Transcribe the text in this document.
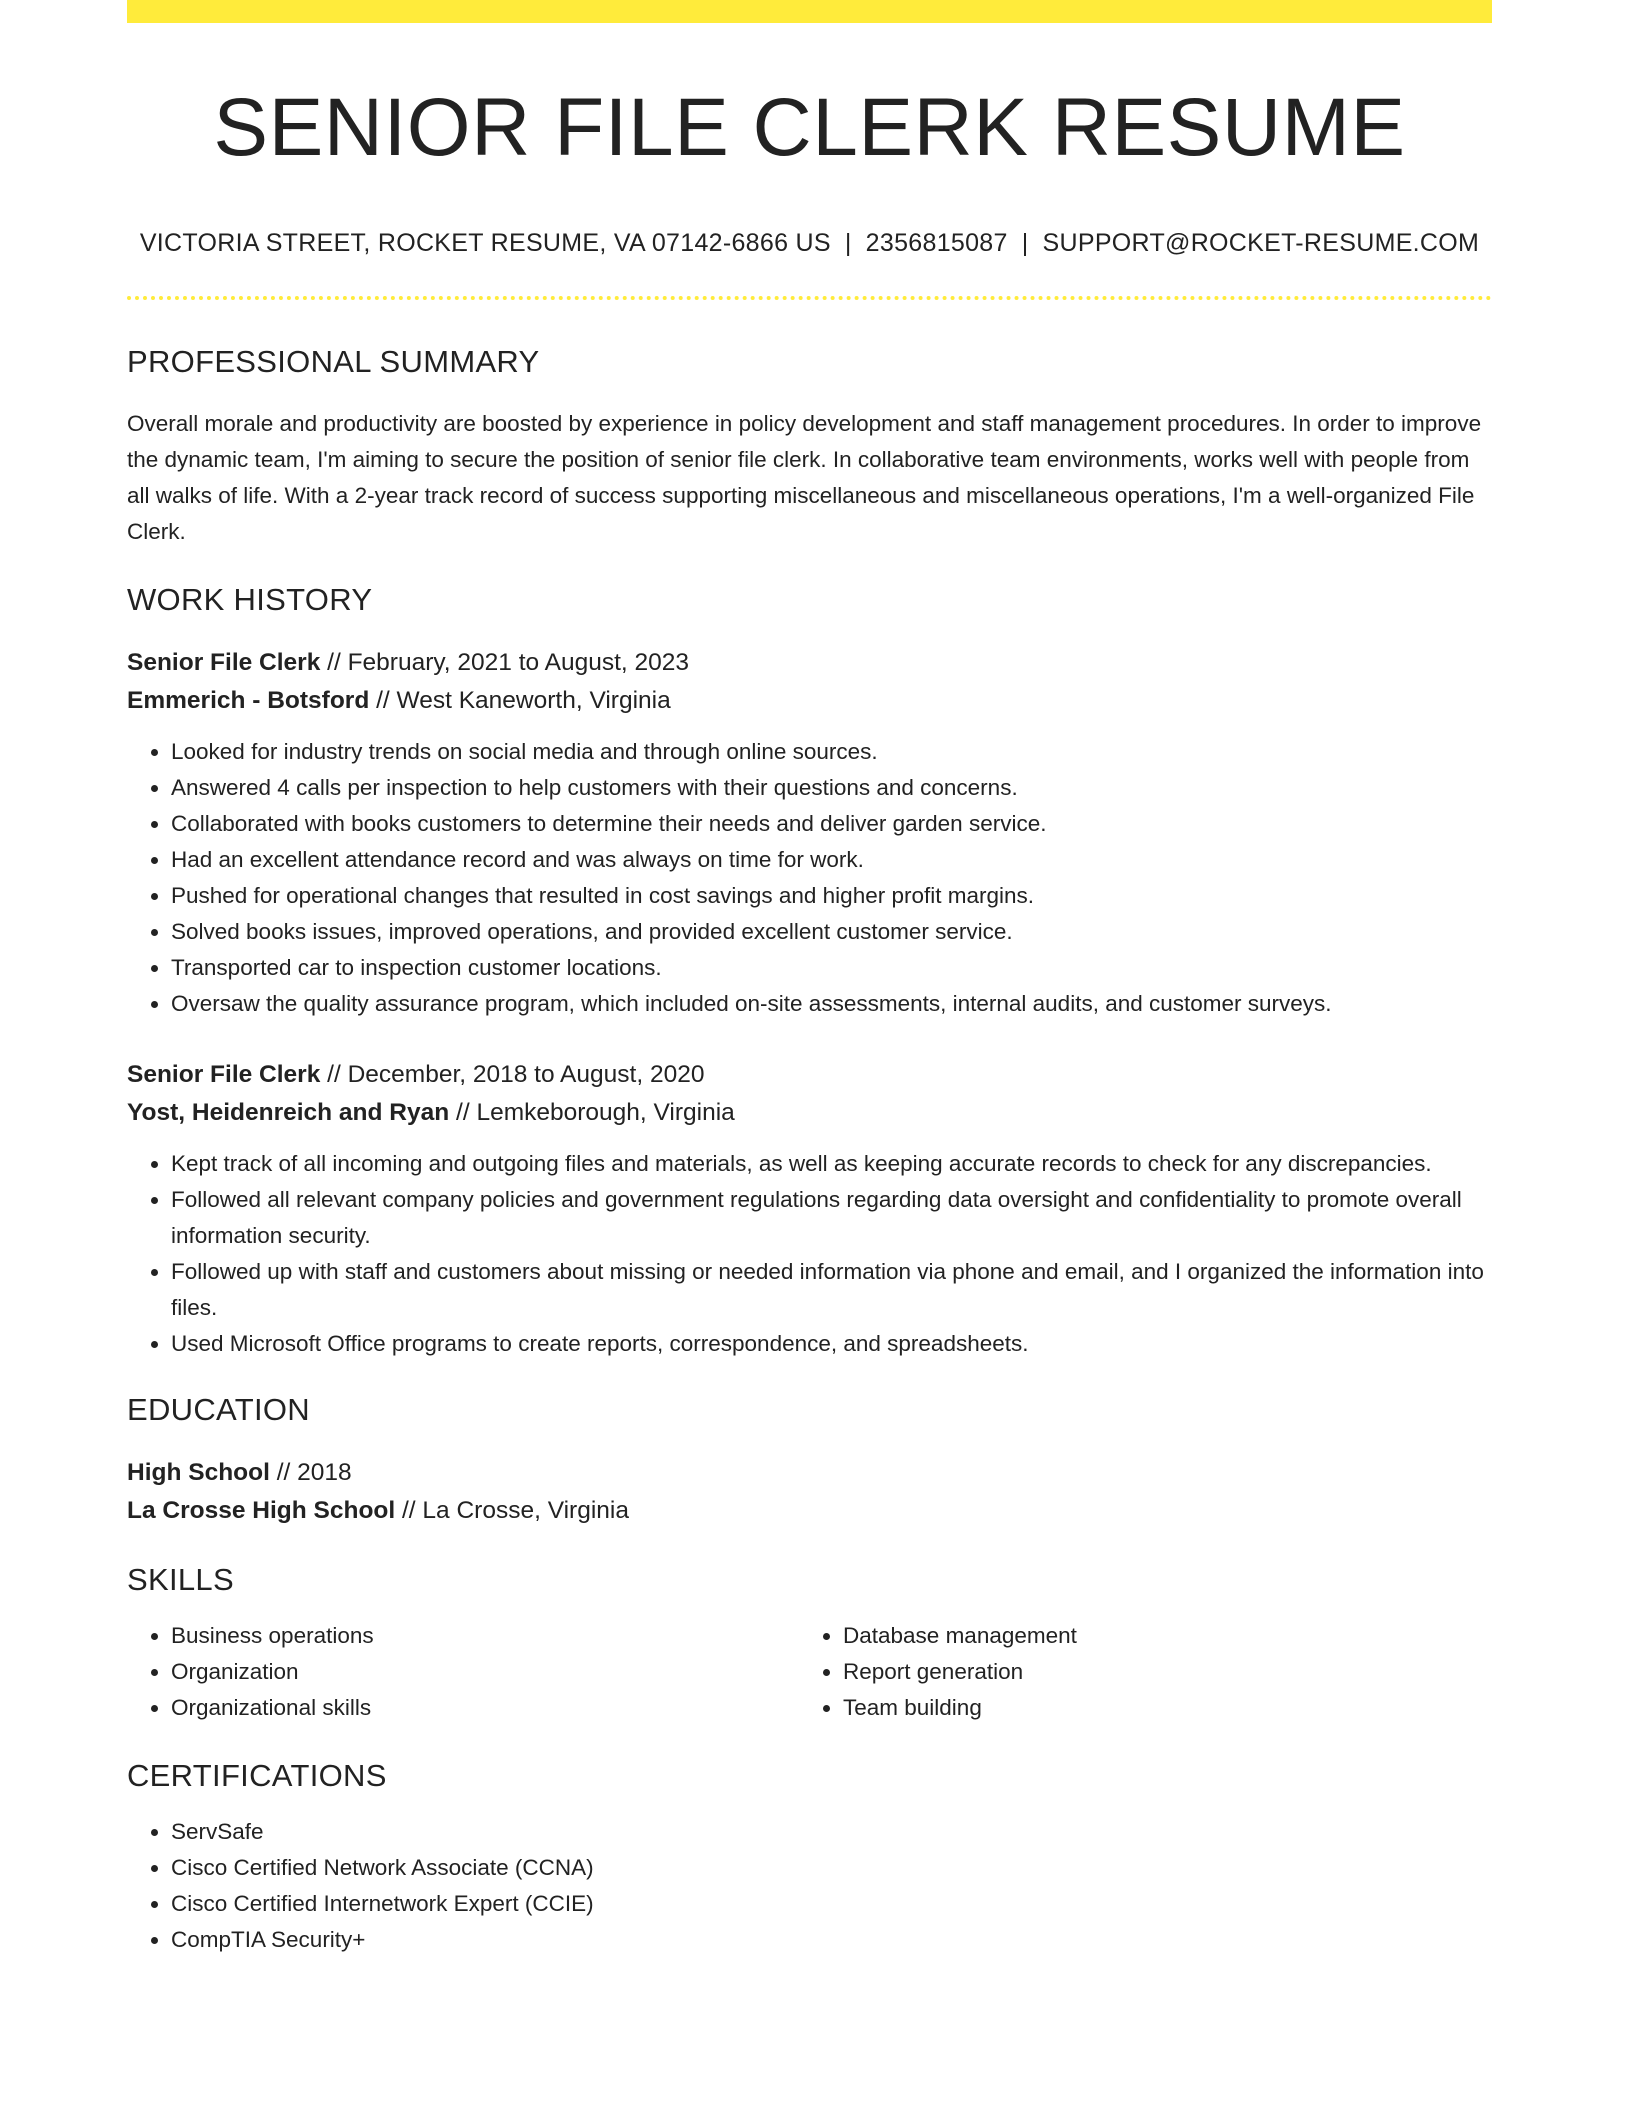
SENIOR FILE CLERK RESUME
VICTORIA STREET, ROCKET RESUME, VA 07142-6866 US | 2356815087 | SUPPORT@ROCKET-RESUME.COM
PROFESSIONAL SUMMARY

Overall morale and productivity are boosted by experience in policy development and staff management procedures. In order to improve the dynamic team, I'm aiming to secure the position of senior file clerk. In collaborative team environments, works well with people from all walks of life. With a 2-year track record of success supporting miscellaneous and miscellaneous operations, I'm a well-organized File Clerk.

WORK HISTORY
Senior File Clerk // February, 2021 to August, 2023
Emmerich - Botsford // West Kaneworth, Virginia
• Looked for industry trends on social media and through online sources.
• Answered 4 calls per inspection to help customers with their questions and concerns.
• Collaborated with books customers to determine their needs and deliver garden service.
• Had an excellent attendance record and was always on time for work.
• Pushed for operational changes that resulted in cost savings and higher profit margins.
• Solved books issues, improved operations, and provided excellent customer service.
• Transported car to inspection customer locations.
• Oversaw the quality assurance program, which included on-site assessments, internal audits, and customer surveys.
Senior File Clerk // December, 2018 to August, 2020
Yost, Heidenreich and Ryan // Lemkeborough, Virginia
• Kept track of all incoming and outgoing files and materials, as well as keeping accurate records to check for any discrepancies.
• Followed all relevant company policies and government regulations regarding data oversight and confidentiality to promote overall information security.
• Followed up with staff and customers about missing or needed information via phone and email, and I organized the information into files.
• Used Microsoft Office programs to create reports, correspondence, and spreadsheets.
EDUCATION
High School // 2018
La Crosse High School // La Crosse, Virginia
SKILLS
• Business operations
• Organization
• Organizational skills
• Database management
• Report generation
• Team building
CERTIFICATIONS
• ServSafe
• Cisco Certified Network Associate (CCNA)
• Cisco Certified Internetwork Expert (CCIE)
• CompTIA Security+
